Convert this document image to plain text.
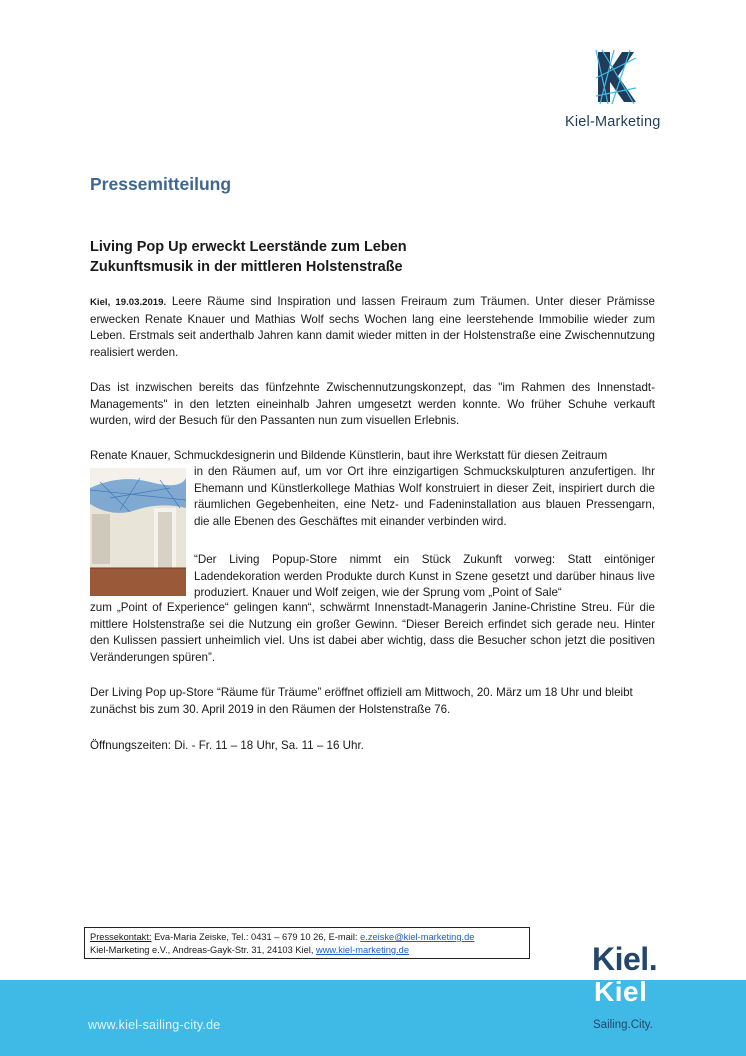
Kiel-Marketing
Pressemitteilung
Living Pop Up erweckt Leerstände zum Leben
Zukunftsmusik in der mittleren Holstenstraße

Kiel, 19.03.2019. Leere Räume sind Inspiration und lassen Freiraum zum Träumen. Unter dieser Prämisse erwecken Renate Knauer und Mathias Wolf sechs Wochen lang eine leerstehende Immobilie wieder zum Leben. Erstmals seit anderthalb Jahren kann damit wieder mitten in der Holstenstraße eine Zwischennutzung realisiert werden.

Das ist inzwischen bereits das fünfzehnte Zwischennutzungskonzept, das "im Rahmen des Innenstadt-Managements" in den letzten eineinhalb Jahren umgesetzt werden konnte. Wo früher Schuhe verkauft wurden, wird der Besuch für den Passanten nun zum visuellen Erlebnis.

Renate Knauer, Schmuckdesignerin und Bildende Künstlerin, baut ihre Werkstatt für diesen Zeitraum

in den Räumen auf, um vor Ort ihre einzigartigen Schmuckskulpturen anzufertigen. Ihr Ehemann und Künstlerkollege Mathias Wolf konstruiert in dieser Zeit, inspiriert durch die räumlichen Gegebenheiten, eine Netz- und Fadeninstallation aus blauen Pressengarn, die alle Ebenen des Geschäftes mit einander verbinden wird.

“Der Living Popup-Store nimmt ein Stück Zukunft vorweg: Statt eintöniger Ladendekoration werden Produkte durch Kunst in Szene gesetzt und darüber hinaus live produziert. Knauer und Wolf zeigen, wie der Sprung vom „Point of Sale“

zum „Point of Experience“ gelingen kann“, schwärmt Innenstadt-Managerin Janine-Christine Streu. Für die mittlere Holstenstraße sei die Nutzung ein großer Gewinn. “Dieser Bereich erfindet sich gerade neu. Hinter den Kulissen passiert unheimlich viel. Uns ist dabei aber wichtig, dass die Besucher schon jetzt die positiven Veränderungen spüren”.

Der Living Pop up-Store “Räume für Träume” eröffnet offiziell am Mittwoch, 20. März um 18 Uhr und bleibt zunächst bis zum 30. April 2019 in den Räumen der Holstenstraße 76.

Öffnungszeiten: Di. - Fr. 11 – 18 Uhr, Sa. 11 – 16 Uhr.

Pressekontakt: Eva-Maria Zeiske, Tel.: 0431 – 679 10 26, E-mail: e.zeiske@kiel-marketing.de
Kiel-Marketing e.V., Andreas-Gayk-Str. 31, 24103 Kiel, www.kiel-marketing.de
www.kiel-sailing-city.de
Kiel.
Kiel
Sailing.City.
